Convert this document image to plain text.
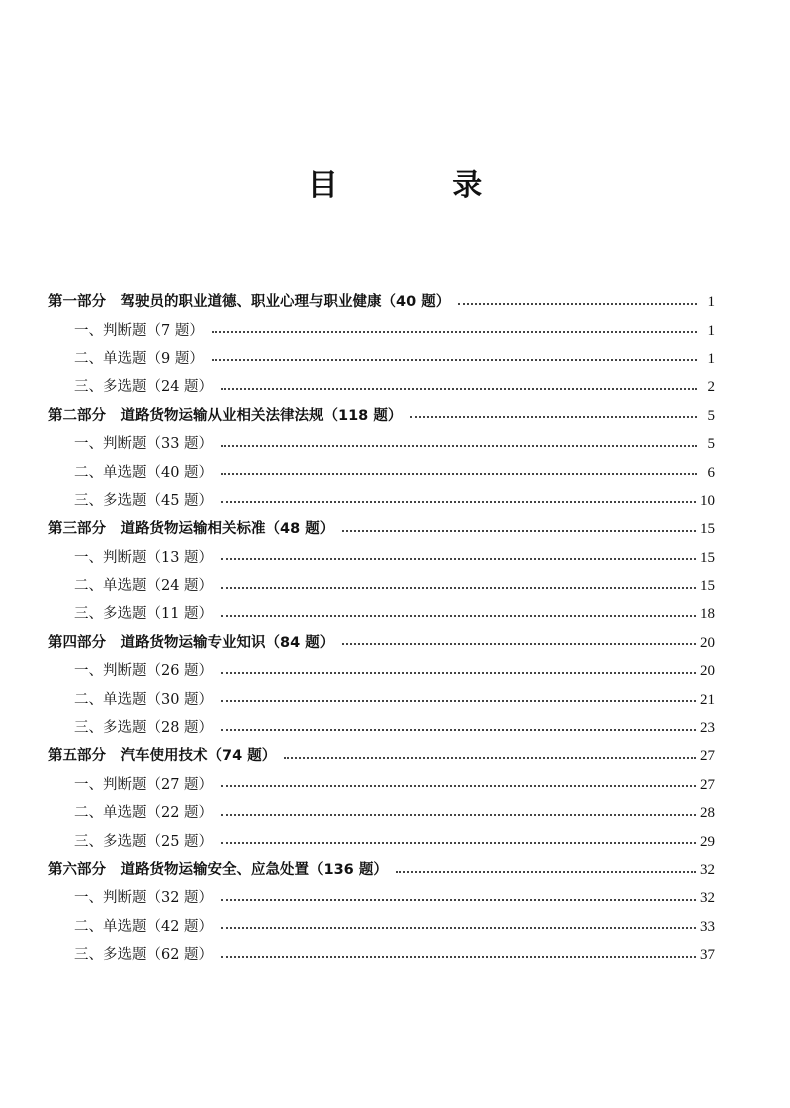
目 录
第一部分　驾驶员的职业道德、职业心理与职业健康（40 题）	1
一、判断题（7 题）	1
二、单选题（9 题）	1
三、多选题（24 题）	2
第二部分　道路货物运输从业相关法律法规（118 题）	5
一、判断题（33 题）	5
二、单选题（40 题）	6
三、多选题（45 题）	10
第三部分　道路货物运输相关标准（48 题）	15
一、判断题（13 题）	15
二、单选题（24 题）	15
三、多选题（11 题）	18
第四部分　道路货物运输专业知识（84 题）	20
一、判断题（26 题）	20
二、单选题（30 题）	21
三、多选题（28 题）	23
第五部分　汽车使用技术（74 题）	27
一、判断题（27 题）	27
二、单选题（22 题）	28
三、多选题（25 题）	29
第六部分　道路货物运输安全、应急处置（136 题）	32
一、判断题（32 题）	32
二、单选题（42 题）	33
三、多选题（62 题）	37
